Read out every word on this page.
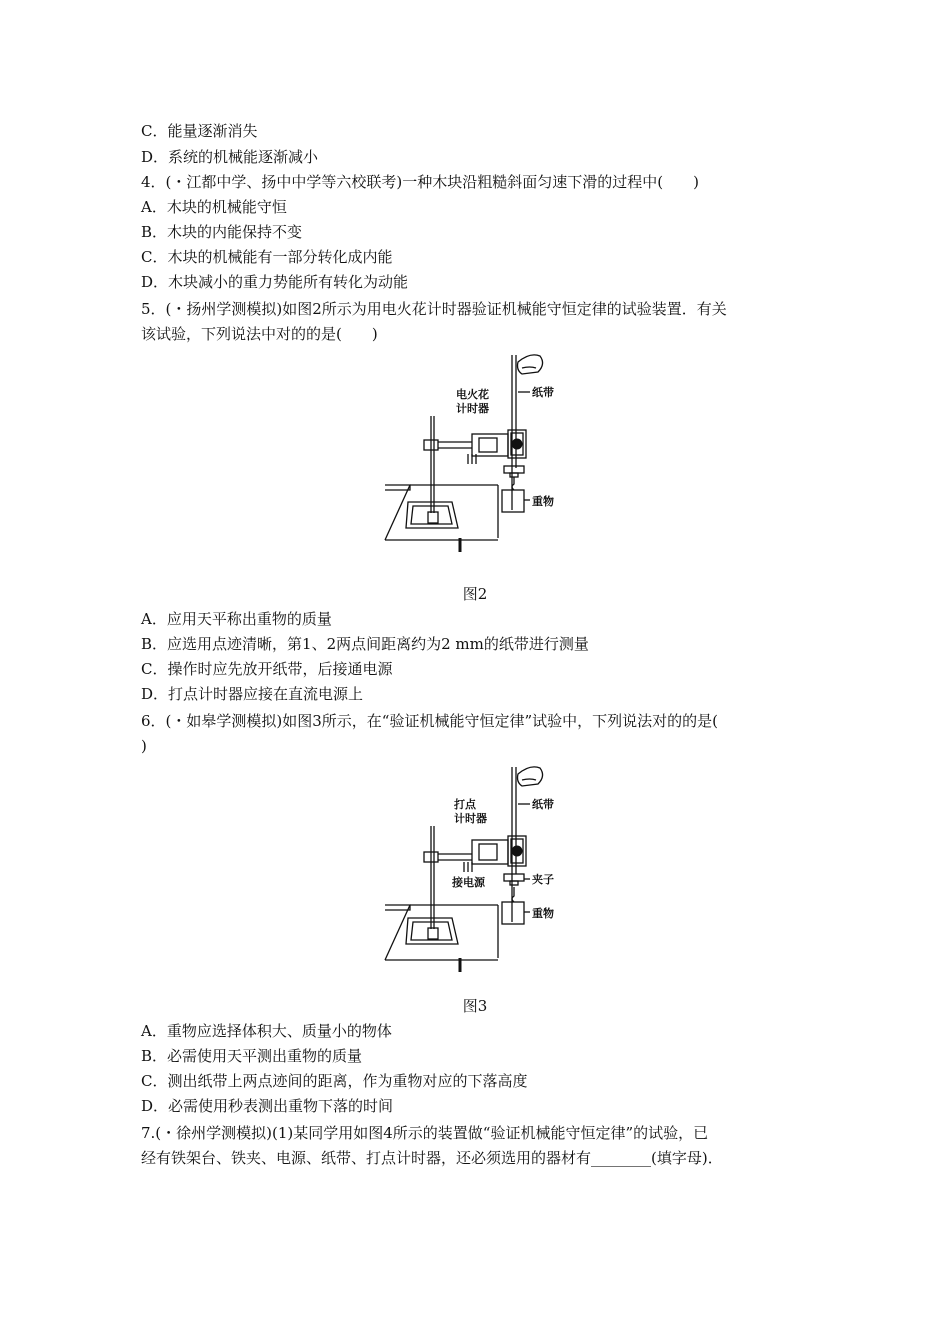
C．能量逐渐消失
D．系统的机械能逐渐减小
4．(・江都中学、扬中中学等六校联考)一种木块沿粗糙斜面匀速下滑的过程中(　　)
A．木块的机械能守恒
B．木块的内能保持不变
C．木块的机械能有一部分转化成内能
D．木块减小的重力势能所有转化为动能
5．(・扬州学测模拟)如图2所示为用电火花计时器验证机械能守恒定律的试验装置．有关
该试验，下列说法中对的的是(　　)
电火花
计时器
纸带
重物
图2
A．应用天平称出重物的质量
B．应选用点迹清晰，第1、2两点间距离约为2 mm的纸带进行测量
C．操作时应先放开纸带，后接通电源
D．打点计时器应接在直流电源上
6．(・如皋学测模拟)如图3所示，在“验证机械能守恒定律”试验中，下列说法对的的是(
)
打点
计时器
纸带
接电源	夹子
重物
图3
A．重物应选择体积大、质量小的物体
B．必需使用天平测出重物的质量
C．测出纸带上两点迹间的距离，作为重物对应的下落高度
D．必需使用秒表测出重物下落的时间
7.(・徐州学测模拟)(1)某同学用如图4所示的装置做“验证机械能守恒定律”的试验，已
经有铁架台、铁夹、电源、纸带、打点计时器，还必须选用的器材有________(填字母)．
